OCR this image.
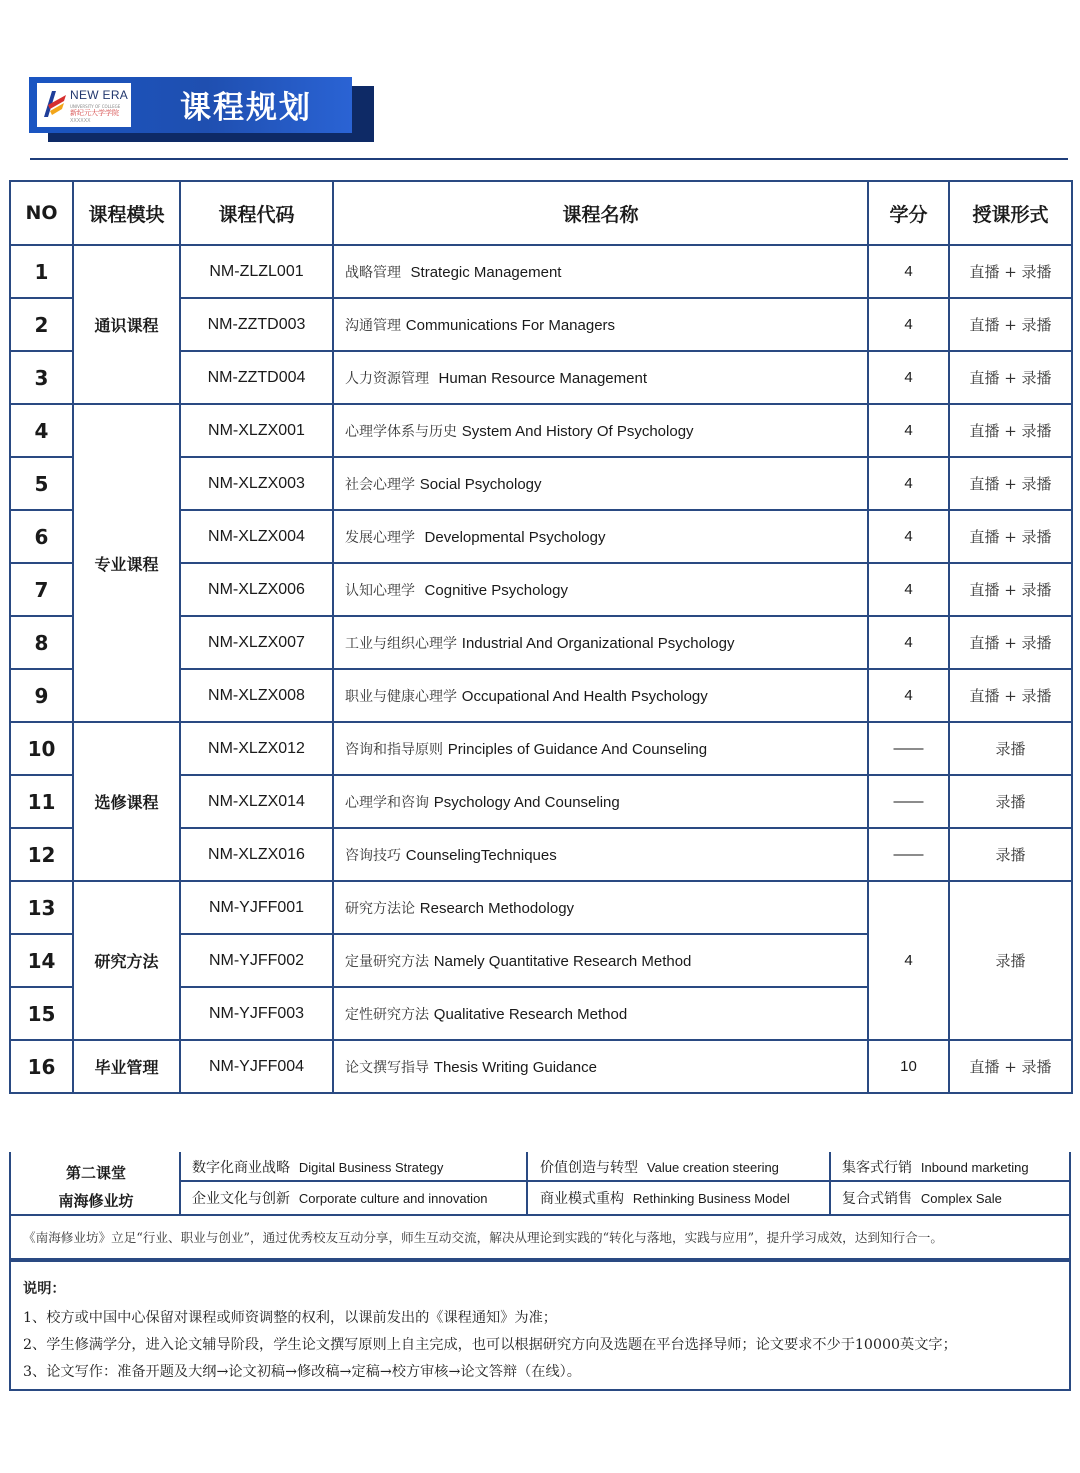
NEW ERA
UNIVERSITY OF COLLEGE
新纪元大学学院
XXXXXX	课程规划
NO	课程模块	课程代码	课程名称	学分	授课形式
1	通识课程	NM-ZLZL001	战略管理 Strategic Management	4	直播 + 录播
2		NM-ZZTD003	沟通管理 Communications For Managers	4	直播 + 录播
3		NM-ZZTD004	人力资源管理 Human Resource Management	4	直播 + 录播
4	专业课程	NM-XLZX001	心理学体系与历史 System And History Of Psychology	4	直播 + 录播
5		NM-XLZX003	社会心理学 Social Psychology	4	直播 + 录播
6		NM-XLZX004	发展心理学 Developmental Psychology	4	直播 + 录播
7		NM-XLZX006	认知心理学 Cognitive Psychology	4	直播 + 录播
8		NM-XLZX007	工业与组织心理学 Industrial And Organizational Psychology	4	直播 + 录播
9		NM-XLZX008	职业与健康心理学 Occupational And Health Psychology	4	直播 + 录播
10	选修课程	NM-XLZX012	咨询和指导原则 Principles of Guidance And Counseling	——	录播
11		NM-XLZX014	心理学和咨询 Psychology And Counseling	——	录播
12		NM-XLZX016	咨询技巧 CounselingTechniques	——	录播
13	研究方法	NM-YJFF001	研究方法论 Research Methodology	4	录播
14		NM-YJFF002	定量研究方法 Namely Quantitative Research Method		
15		NM-YJFF003	定性研究方法 Qualitative Research Method		
16	毕业管理	NM-YJFF004	论文撰写指导 Thesis Writing Guidance	10	直播 + 录播
第二课堂
南海修业坊
数字化商业战略 Digital Business Strategy	价值创造与转型 Value creation steering	集客式行销 Inbound marketing
企业文化与创新 Corporate culture and innovation	商业模式重构 Rethinking Business Model	复合式销售 Complex Sale
《南海修业坊》立足“行业、职业与创业”，通过优秀校友互动分享，师生互动交流，解决从理论到实践的“转化与落地，实践与应用”，提升学习成效，达到知行合一。
说明：
1、校方或中国中心保留对课程或师资调整的权利，以课前发出的《课程通知》为准；
2、学生修满学分，进入论文辅导阶段，学生论文撰写原则上自主完成，也可以根据研究方向及选题在平台选择导师；论文要求不少于10000英文字；
3、论文写作：准备开题及大纲→论文初稿→修改稿→定稿→校方审核→论文答辩（在线）。
